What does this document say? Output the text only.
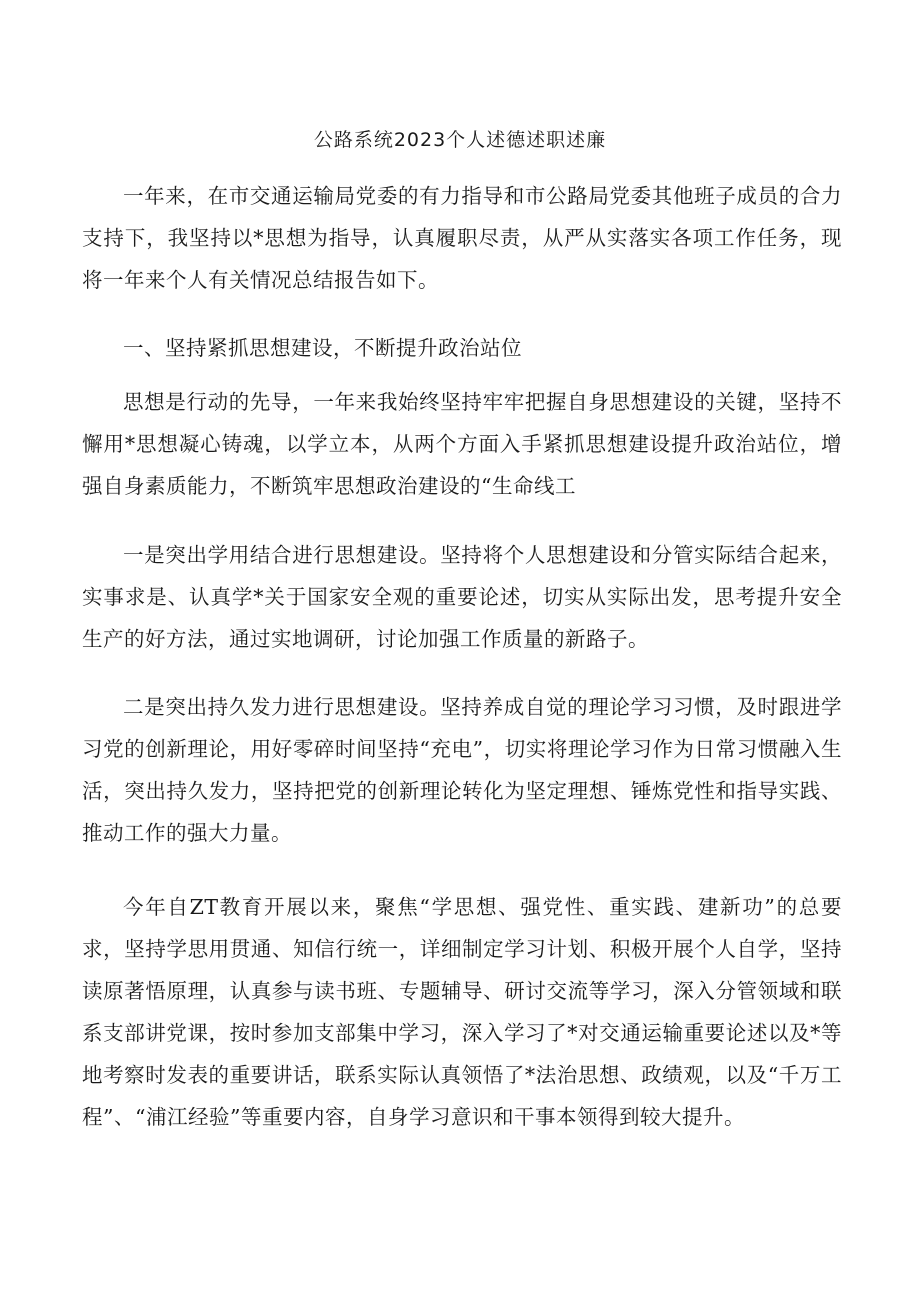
公路系统2023个人述德述职述廉

一年来，在市交通运输局党委的有力指导和市公路局党委其他班子成员的合力支持下，我坚持以*思想为指导，认真履职尽责，从严从实落实各项工作任务，现将一年来个人有关情况总结报告如下。

一、坚持紧抓思想建设，不断提升政治站位

思想是行动的先导，一年来我始终坚持牢牢把握自身思想建设的关键，坚持不懈用*思想凝心铸魂，以学立本，从两个方面入手紧抓思想建设提升政治站位，增强自身素质能力，不断筑牢思想政治建设的“生命线工

一是突出学用结合进行思想建设。坚持将个人思想建设和分管实际结合起来，实事求是、认真学*关于国家安全观的重要论述，切实从实际出发，思考提升安全生产的好方法，通过实地调研，讨论加强工作质量的新路子。

二是突出持久发力进行思想建设。坚持养成自觉的理论学习习惯，及时跟进学习党的创新理论，用好零碎时间坚持“充电”，切实将理论学习作为日常习惯融入生活，突出持久发力，坚持把党的创新理论转化为坚定理想、锤炼党性和指导实践、推动工作的强大力量。

今年自ZT教育开展以来，聚焦“学思想、强党性、重实践、建新功”的总要求，坚持学思用贯通、知信行统一，详细制定学习计划、积极开展个人自学，坚持读原著悟原理，认真参与读书班、专题辅导、研讨交流等学习，深入分管领域和联系支部讲党课，按时参加支部集中学习，深入学习了*对交通运输重要论述以及*等地考察时发表的重要讲话，联系实际认真领悟了*法治思想、政绩观，以及“千万工程”、“浦江经验”等重要内容，自身学习意识和干事本领得到较大提升。
